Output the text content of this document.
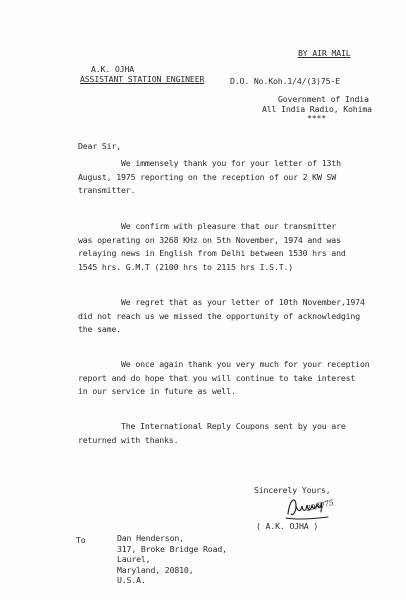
BY AIR MAIL
A.K. OJHA
ASSISTANT STATION ENGINEER	D.O. No.Koh.1/4/(3)75-E
Government of India
All India Radio, Kohima
****
Dear Sir,
We immensely thank you for your letter of 13th
August, 1975 reporting on the reception of our 2 KW SW
transmitter.
We confirm with pleasure that our transmitter
was operating on 3268 KHz on 5th November, 1974 and was
relaying news in English from Delhi between 1530 hrs and
1545 hrs. G.M.T (2100 hrs to 2115 hrs I.S.T.)
We regret that as your letter of 10th November,1974
did not reach us we missed the opportunity of acknowledging
the same.
We once again thank you very much for your reception
report and do hope that you will continue to take interest
in our service in future as well.
The International Reply Coupons sent by you are
returned with thanks.
Sincerely Yours,
29/8/75
( A.K. OJHA )
To	Dan Henderson,
317, Broke Bridge Road,
Laurel,
Maryland, 20810,
U.S.A.
